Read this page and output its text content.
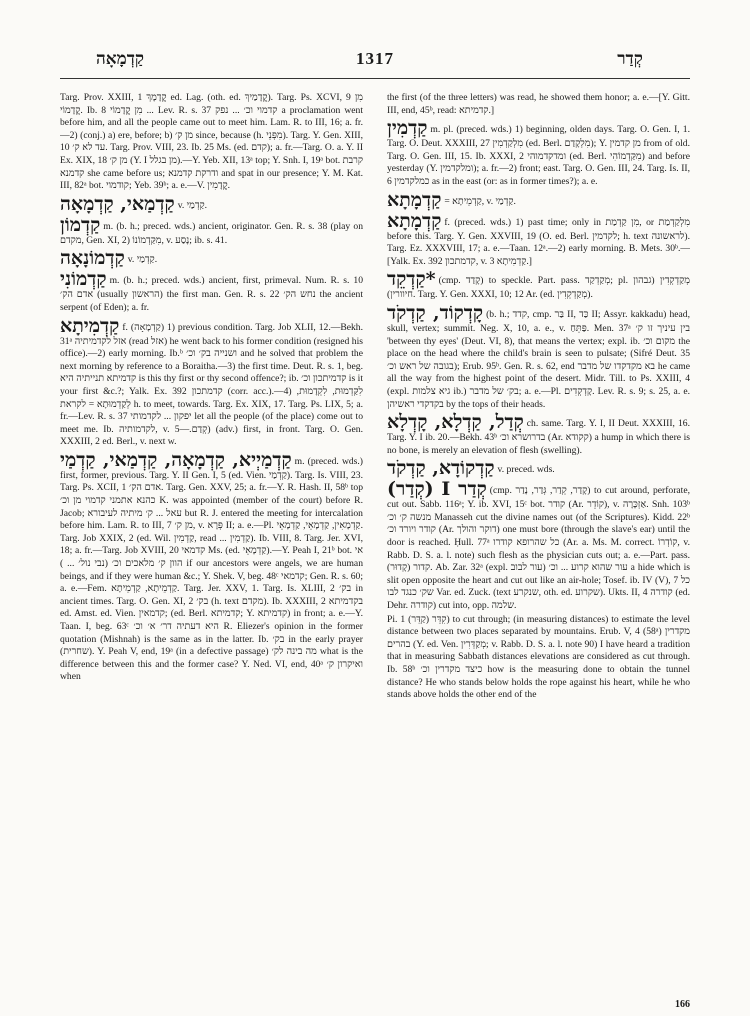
קַדְמָאָה	1317	קְדַר

Targ. Prov. XXIII, 1 קֳדָמָךְ ed. Lag. (oth. ed. קֳדָמַיךְ). Targ. Ps. XCVI, 9 מִן קֳדָמוֹי. Ib. 8 מִן קֳדָמוֹי ... Lev. R. s. 37 קדמוי וכ׳ ... נפק a proclamation went before him, and all the people came out to meet him. Lam. R. to III, 16; a. fr.—2) (conj.) a) ere, before; b) מן ק׳ since, because (h. מִפְּנֵי). Targ. Y. Gen. XIII, 10 עד לא ק׳. Targ. Prov. VIII, 23. Ib. 25 Ms. (ed. קדם); a. fr.—Targ. O. a. Y. II Ex. XIX, 18 מן ק׳ (Y. I מן בגלל).—Y. Yeb. XII, 13ᵃ top; Y. Snh. I, 19ᵃ bot. קרבת קדמנא she came before us; ודרקת קדמנא and spat in our presence; Y. M. Kat. III, 82ᵃ bot. קודמוי; Yeb. 39ᵇ; a. e.—V. קֳדָמִין.

קַדְמַאי, קַדְמָאָה v. קַדְמַי.

קַדְמוֹן m. (b. h.; preced. wds.) ancient, originator. Gen. R. s. 38 (play on מקדם, Gen. XI, 2) מִקַּדְמוֹנוֹ, v. נָסַע; ib. s. 41.

קַדְמוֹנָאָה v. קַדְמַי.

קַדְמוֹנִי m. (b. h.; preced. wds.) ancient, first, primeval. Num. R. s. 10 אדם הק׳ (usually הראשון) the first man. Gen. R. s. 22 נחש הק׳ the ancient serpent (of Eden); a. fr.

קַדְמִיתָא f. (קַדְמָאָה) 1) previous condition. Targ. Job XLII, 12.—Bekh. 31ᵃ אזל לקדמיתיה (read אזל) he went back to his former condition (resigned his office).—2) early morning. Ib.ᵇ ושנייה בק׳ וכ׳ and he solved that problem the next morning by reference to a Boraitha.—3) the first time. Deut. R. s. 1, beg. קדמיתא תנייתיה היא is this thy first or thy second offence?; ib. קדמיתכון וכ׳ is it your first &c.?; Yalk. Ex. 392 קדמתכון (corr. acc.).—4) לִקַּדְמוּת, לִקְדָמוּת, לְקַדְמוּתָא = לקראת h. to meet, towards. Targ. Ex. XIX, 17. Targ. Ps. LIX, 5; a. fr.—Lev. R. s. 37 יפקון ... לקדמותי let all the people (of the place) come out to meet me. Ib. לקדמותיה, v. קְדַם.—5) (adv.) first, in front. Targ. O. Gen. XXXIII, 2 ed. Berl., v. next w.

קַדְמַיְיא, קַדְמָאָה, קַדְמַאי, קַדְמַי m. (preced. wds.) first, former, previous. Targ. Y. II Gen. I, 5 (ed. Vien. קַדְמַי). Targ. Is. VIII, 23. Targ. Ps. XCII, 1 אדם הק׳. Targ. Gen. XXV, 25; a. fr.—Y. R. Hash. II, 58ᵇ top כהנא אתמני קדמוי מן וכ׳ K. was appointed (member of the court) before R. Jacob; עאל ... ק׳ מיתיה לעיבורא but R. J. entered the meeting for intercalation before him. Lam. R. to III, 7 מן ק׳, v. פְּרָא II; a. e.—Pl. קַדְמָאִין, קַדְמָאֵי, קַדְמָאֵי. Targ. Job XXIX, 2 (ed. Wil. קַדְמִין, read ... קַדְמִין). Ib. VIII, 8. Targ. Jer. XVI, 18; a. fr.—Targ. Job XVIII, 20 קדמאי Ms. (ed. קַדְמָאֵי).—Y. Peah I, 21ᵇ bot. אי הוון ק׳ מלאכים וכ׳ (נבי נול׳ ... ) if our ancestors were angels, we are human beings, and if they were human &c.; Y. Shek. V, beg. 48ᶜ קדמאי; Gen. R. s. 60; a. e.—Fem. קַדְמֵיתָא, קַדְמֵיתָא. Targ. Jer. XXV, 1. Targ. Is. XLIII, 2 בק׳ in ancient times. Targ. O. Gen. XI, 2 בק׳ (h. text מקדם). Ib. XXXIII, 2 בקדמיתא ed. Amst. ed. Vien. קדמאין; (ed. Berl. קדמיתא; Y. קדמיתא) in front; a. e.—Y. Taan. I, beg. 63ᶜ היא דעתיה דר׳ א׳ וכ׳ R. Eliezer's opinion in the former quotation (Mishnah) is the same as in the latter. Ib. בק׳ in the early prayer (שחרית). Y. Peah V, end, 19ᵃ (in a defective passage) מה בינה לק׳ what is the difference between this and the former case? Y. Ned. VI, end, 40ᵃ ואיקרון ק׳ when

the first (of the three letters) was read, he showed them honor; a. e.—[Y. Gitt. III, end, 45ᵇ, read: קדמיתא.]

קַדְמִין m. pl. (preced. wds.) 1) beginning, olden days. Targ. O. Gen. I, 1. Targ. O. Deut. XXXIII, 27 מִלְקַדְמִין (ed. Berl. מִלְקָדַם); Y. מן קדמין from of old. Targ. O. Gen. III, 15. Ib. XXXI, 2 ומדקדמוהי (ed. Berl. מִקַּדְמוֹהִי) and before yesterday (Y. ומלקדמין); a. fr.—2) front; east. Targ. O. Gen. III, 24. Targ. Is. II, 6 כמלקדמין as in the east (or: as in former times?); a. e.

קַדְמָתָא = קַדְמֵיתָא, v. קַדְמַי.

קַדְמָתָא f. (preced. wds.) 1) past time; only in מִן קַדְמַת, or מִלְקַדְמַת before this. Targ. Y. Gen. XXVIII, 19 (O. ed. Berl. לקדמין; h. text לראשונה). Targ. Ez. XXXVIII, 17; a. e.—Taan. 12ᵃ.—2) early morning. B. Mets. 30ᵇ.—[Yalk. Ex. 392 קדמתכון, v. קַדְמִיתָא 3.]

*קַדְקֵד (cmp. קָדַד) to speckle. Part. pass. מְקַדְקַד; pl. מְקַדְקְדִין (גבהון חיוורין). Targ. Y. Gen. XXXI, 10; 12 Ar. (ed. מְקַדְקְדִין).

קָדְקוֹד, קַדְקֹד (b. h.; קדד, cmp. בַּר II, כַּד II; Assyr. kakkadu) head, skull, vertex; summit. Neg. X, 10, a. e., v. פַּתֵּחַ. Men. 37ᵃ בין עיניך זו ק׳ 'between thy eyes' (Deut. VI, 8), that means the vertex; expl. ib. מקום וכ׳ the place on the head where the child's brain is seen to pulsate; (Sifré Deut. 35 בגובה של ראש וכ׳); Erub. 95ᵇ. Gen. R. s. 62, end בא מקדקדו של מדבר he came all the way from the highest point of the desert. Midr. Till. to Ps. XXIII, 4 (expl. גיא צלמות ib.) בק׳ של מדבר; a. e.—Pl. קָדְקְדִים. Lev. R. s. 9; s. 25, a. e. בקדקדי ראשיהן by the tops of their heads.

קְדַל, קַדְלָא, קָדְלָא ch. same. Targ. Y. I, II Deut. XXXIII, 16. Targ. Y. I ib. 20.—Bekh. 43ᵇ בדרושרא וכ׳ (Ar. קקודא) a hump in which there is no bone, is merely an elevation of flesh (swelling).

קַדְקוֹדָא, קַדְקֹד v. preced. wds.

קְדַר I (קְדַר) (cmp. קָדַר, קְדַר, גְּדַר, נָדַר) to cut around, perforate, cut out. Sabb. 116ᵃ; Y. ib. XVI, 15ᶜ bot. קודר (Ar. קוֹדֵר), v. אַזְכָּרָה. Snh. 103ᵇ מנשה ק׳ וכ׳ Manasseh cut the divine names out (of the Scriptures). Kidd. 22ᵇ קודר ויורד וכ׳ (Ar. דוקר והולך) one must bore (through the slave's ear) until the door is reached. Ḥull. 77ᵃ כל שהרופא קודרו (Ar. a. Ms. M. correct. קוֹדְרוֹ, v. Rabb. D. S. a. l. note) such flesh as the physician cuts out; a. e.—Part. pass. קדור (קָדוּר). Ab. Zar. 32ᵃ (expl. עור לבוב) עור שהוא קרוע ... וכ׳ a hide which is slit open opposite the heart and cut out like an air-hole; Tosef. ib. IV (V), 7 כל שק׳ כנגד לבו Var. ed. Zuck. (text שנקרע, oth. ed. שקרוע). Ukts. II, 4 קודרה (ed. Dehr. קודרה) cut into, opp. שלמה.

Pi. קִדֵּר (קַדֵּר) 1) to cut through; (in measuring distances) to estimate the level distance between two places separated by mountains. Erub. V, 4 (58ᵃ) מקדרין בהרים (Y. ed. Ven. מְקַדְּרִין; v. Rabb. D. S. a. l. note 90) I have heard a tradition that in measuring Sabbath distances elevations are considered as cut through. Ib. 58ᵇ כיצד מקדרין וכ׳ how is the measuring done to obtain the tunnel distance? He who stands below holds the rope against his heart, while he who stands above holds the other end of the

166
